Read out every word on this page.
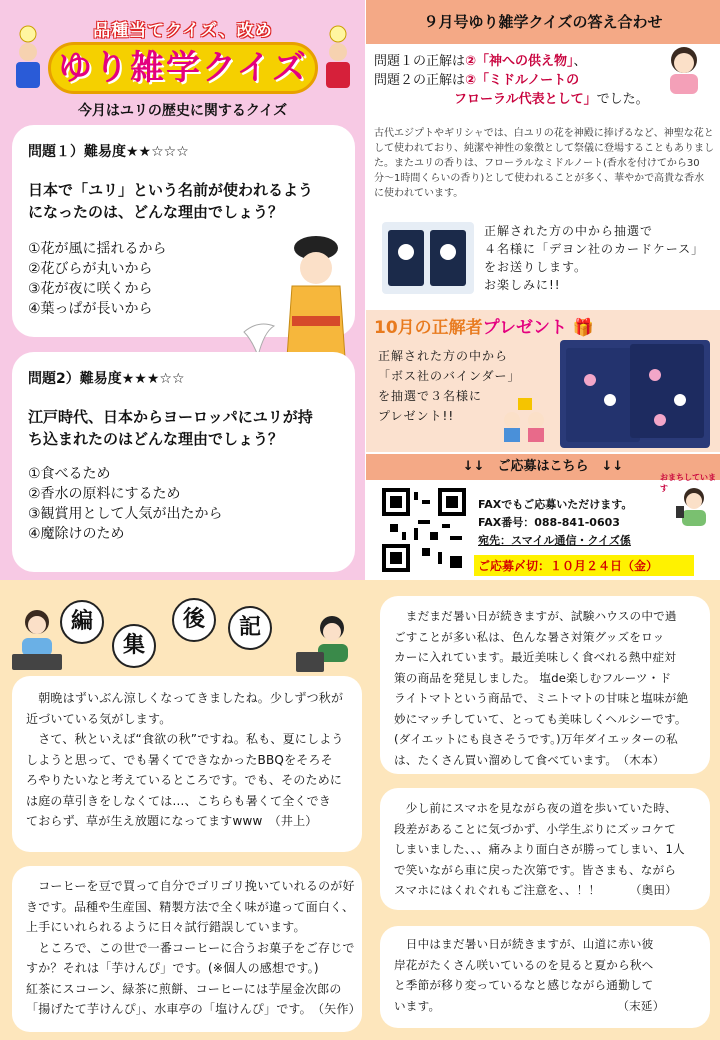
品種当てクイズ、改め
ゆり雑学クイズ
今月はユリの歴史に関するクイズ
問題１）難易度★★☆☆☆
日本で「ユリ」という名前が使われるよう
になったのは、どんな理由でしょう？
①花が風に揺れるから
②花びらが丸いから
③花が夜に咲くから
④葉っぱが長いから
問題2）難易度★★★☆☆
江戸時代、日本からヨーロッパにユリが持
ち込まれたのはどんな理由でしょう？
①食べるため
②香水の原料にするため
③観賞用として人気が出たから
④魔除けのため
９月号ゆり雑学クイズの答え合わせ
問題１の正解は②「神への供え物」、
問題２の正解は②「ミドルノートの
フローラル代表として」でした。
古代エジプトやギリシャでは、白ユリの花を神殿に捧げるなど、神聖な花として使われており、純潔や神性の象徴として祭儀に登場することもありました。またユリの香りは、フローラルなミドルノート(香水を付けてから30分〜1時間くらいの香り)として使われることが多く、華やかで高貴な香水に使われています。
正解された方の中から抽選で
４名様に「デヨン社のカードケース」
をお送りします。
お楽しみに!!
10月の正解者プレゼント 🎁
正解された方の中から
「ボス社のバインダー」
を抽選で３名様に
プレゼント!!
↓↓　ご応募はこちら　↓↓
おまちしています
FAXでもご応募いただけます。
FAX番号：088-841-0603
宛先：スマイル通信・クイズ係
ご応募〆切：１０月２４日（金）
編
集
後	記
　朝晩はずいぶん涼しくなってきましたね。少しずつ秋が
近づいている気がします。
　さて、秋といえば“食欲の秋”ですね。私も、夏にしよう
しようと思って、でも暑くてできなかったBBQをそろそ
ろやりたいなと考えているところです。でも、そのために
は庭の草引きをしなくては…、こちらも暑くて全くでき
ておらず、草が生え放題になってますwww　（井上）
　コーヒーを豆で買って自分でゴリゴリ挽いていれるのが好
きです。品種や生産国、精製方法で全く味が違って面白く、
上手にいれられるように日々試行錯誤しています。
　ところで、この世で一番コーヒーに合うお菓子をご存じで
すか？それは「芋けんぴ」です。(※個人の感想です。)
紅茶にスコーン、緑茶に煎餅、コーヒーには芋屋金次郎の
「揚げたて芋けんぴ」、水車亭の「塩けんぴ」です。　（矢作）
　まだまだ暑い日が続きますが、試験ハウスの中で過
ごすことが多い私は、色んな暑さ対策グッズをロッ
カーに入れています。最近美味しく食べれる熱中症対
策の商品を発見しました。 塩de楽しむフルーツ・ド
ライトマトという商品で、ミニトマトの甘味と塩味が絶
妙にマッチしていて、とっても美味しくヘルシーです。
(ダイエットにも良さそうです。)万年ダイエッターの私
は、たくさん買い溜めして食べています。　（木本）
　少し前にスマホを見ながら夜の道を歩いていた時、
段差があることに気づかず、小学生ぶりにズッコケて
しまいました、、、痛みより面白さが勝ってしまい、1人
で笑いながら車に戻った次第です。皆さまも、ながら
スマホにはくれぐれもご注意を、、！！　　　（奥田）
　日中はまだ暑い日が続きますが、山道に赤い彼
岸花がたくさん咲いているのを見ると夏から秋へ
と季節が移り変っているなと感じながら通勤して
います。　　　　　　　　　　　　　　　　（末延）
